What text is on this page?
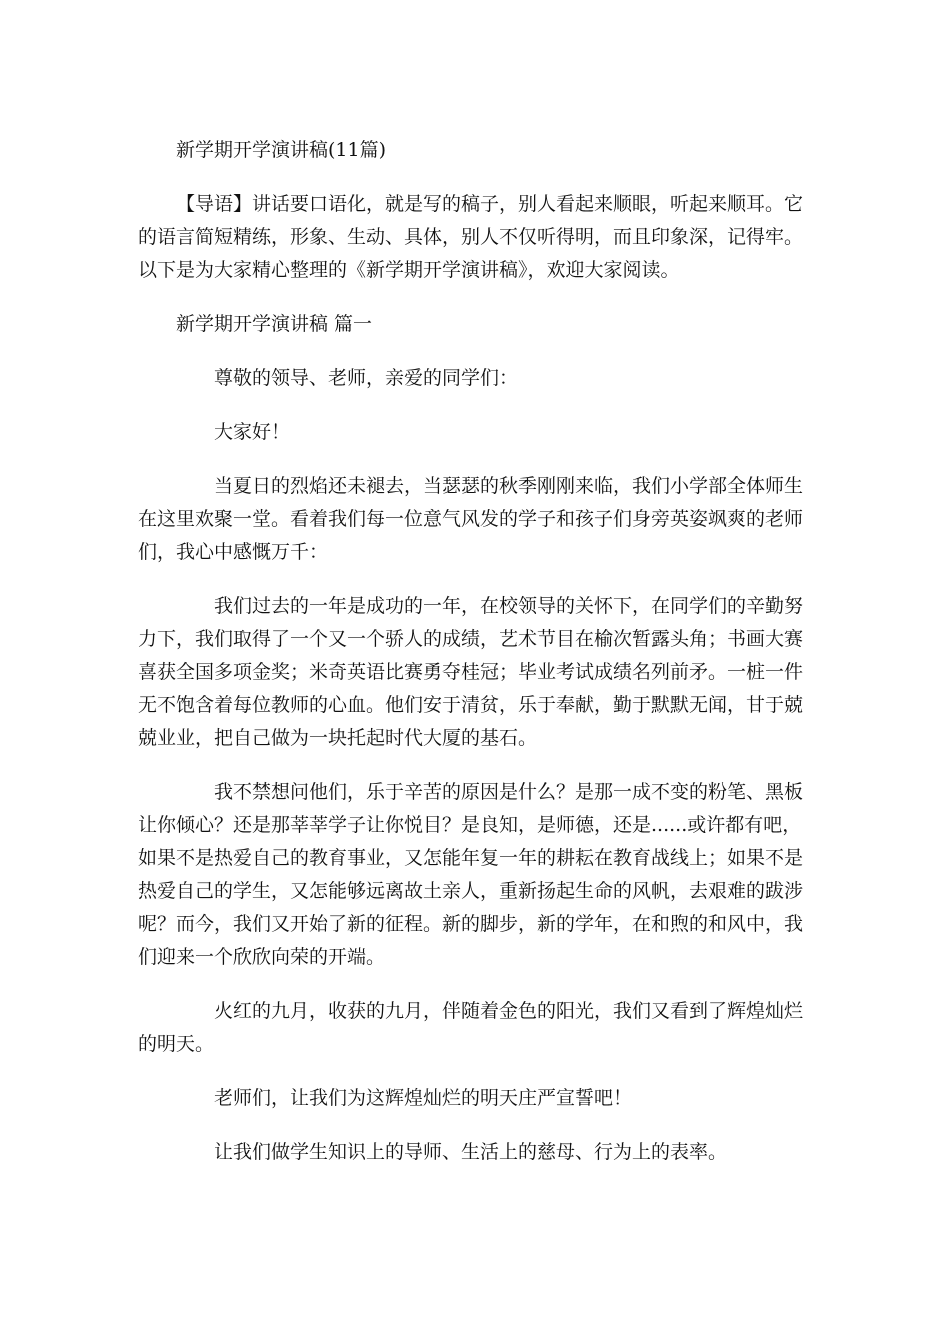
新学期开学演讲稿(11篇)
【导语】讲话要口语化，就是写的稿子，别人看起来顺眼，听起来顺耳。它
的语言简短精练，形象、生动、具体，别人不仅听得明，而且印象深，记得牢。
以下是为大家精心整理的《新学期开学演讲稿》，欢迎大家阅读。
新学期开学演讲稿 篇一
尊敬的领导、老师，亲爱的同学们：
大家好！
当夏日的烈焰还未褪去，当瑟瑟的秋季刚刚来临，我们小学部全体师生
在这里欢聚一堂。看着我们每一位意气风发的学子和孩子们身旁英姿飒爽的老师
们，我心中感慨万千：
我们过去的一年是成功的一年，在校领导的关怀下，在同学们的辛勤努
力下，我们取得了一个又一个骄人的成绩，艺术节目在榆次暂露头角；书画大赛
喜获全国多项金奖；米奇英语比赛勇夺桂冠；毕业考试成绩名列前矛。一桩一件
无不饱含着每位教师的心血。他们安于清贫，乐于奉献，勤于默默无闻，甘于兢
兢业业，把自己做为一块托起时代大厦的基石。
我不禁想问他们，乐于辛苦的原因是什么？是那一成不变的粉笔、黑板
让你倾心？还是那莘莘学子让你悦目？是良知，是师德，还是......或许都有吧，
如果不是热爱自己的教育事业，又怎能年复一年的耕耘在教育战线上；如果不是
热爱自己的学生，又怎能够远离故土亲人，重新扬起生命的风帆，去艰难的跋涉
呢？而今，我们又开始了新的征程。新的脚步，新的学年，在和煦的和风中，我
们迎来一个欣欣向荣的开端。
火红的九月，收获的九月，伴随着金色的阳光，我们又看到了辉煌灿烂
的明天。
老师们，让我们为这辉煌灿烂的明天庄严宣誓吧！
让我们做学生知识上的导师、生活上的慈母、行为上的表率。
